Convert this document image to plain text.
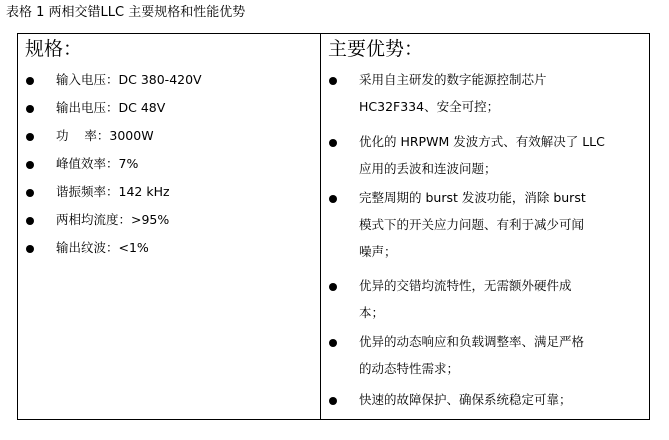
表格 1 两相交错LLC 主要规格和性能优势
规格：
输入电压：DC 380-420V
输出电压：DC 48V
功    率：3000W
峰值效率：7%
谐振频率：142 kHz
两相均流度：>95%
输出纹波：<1%
主要优势：
采用自主研发的数字能源控制芯片
HC32F334、安全可控；
优化的 HRPWM 发波方式、有效解决了 LLC
应用的丢波和连波问题；
完整周期的 burst 发波功能，消除 burst
模式下的开关应力问题、有利于减少可闻
噪声；
优异的交错均流特性，无需额外硬件成
本；
优异的动态响应和负载调整率、满足严格
的动态特性需求；
快速的故障保护、确保系统稳定可靠；
